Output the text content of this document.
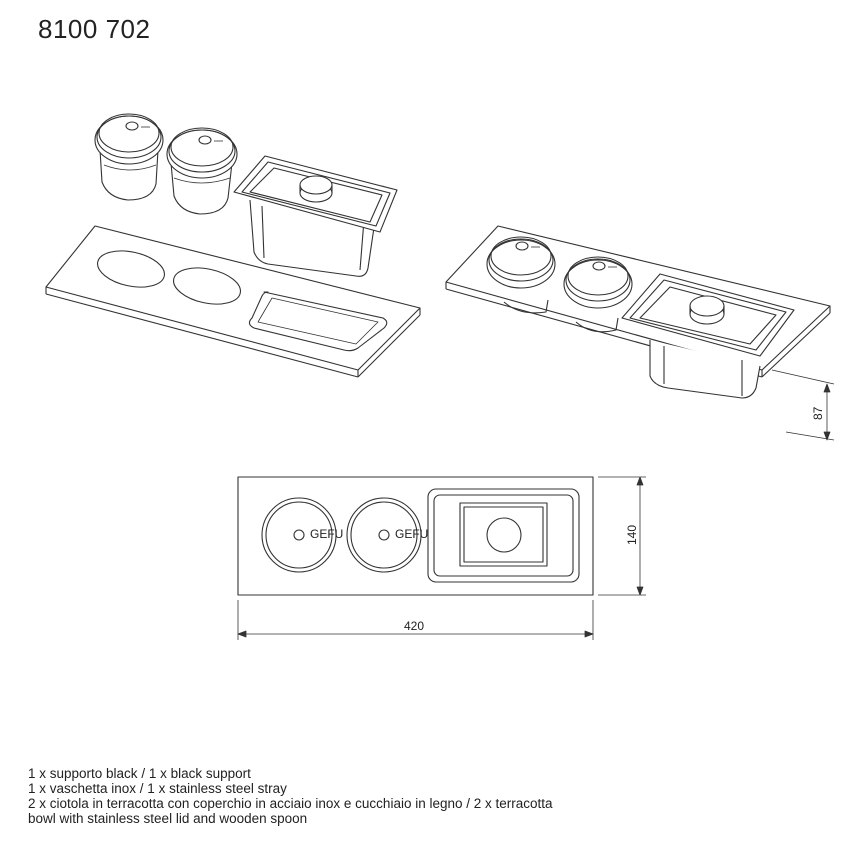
8100 702
GEFU	GEFU
420
140
87
1 x supporto black / 1 x black support
1 x vaschetta inox / 1 x stainless steel stray
2 x ciotola in terracotta con coperchio in acciaio inox e cucchiaio in legno / 2 x terracotta
bowl with stainless steel lid and wooden spoon
